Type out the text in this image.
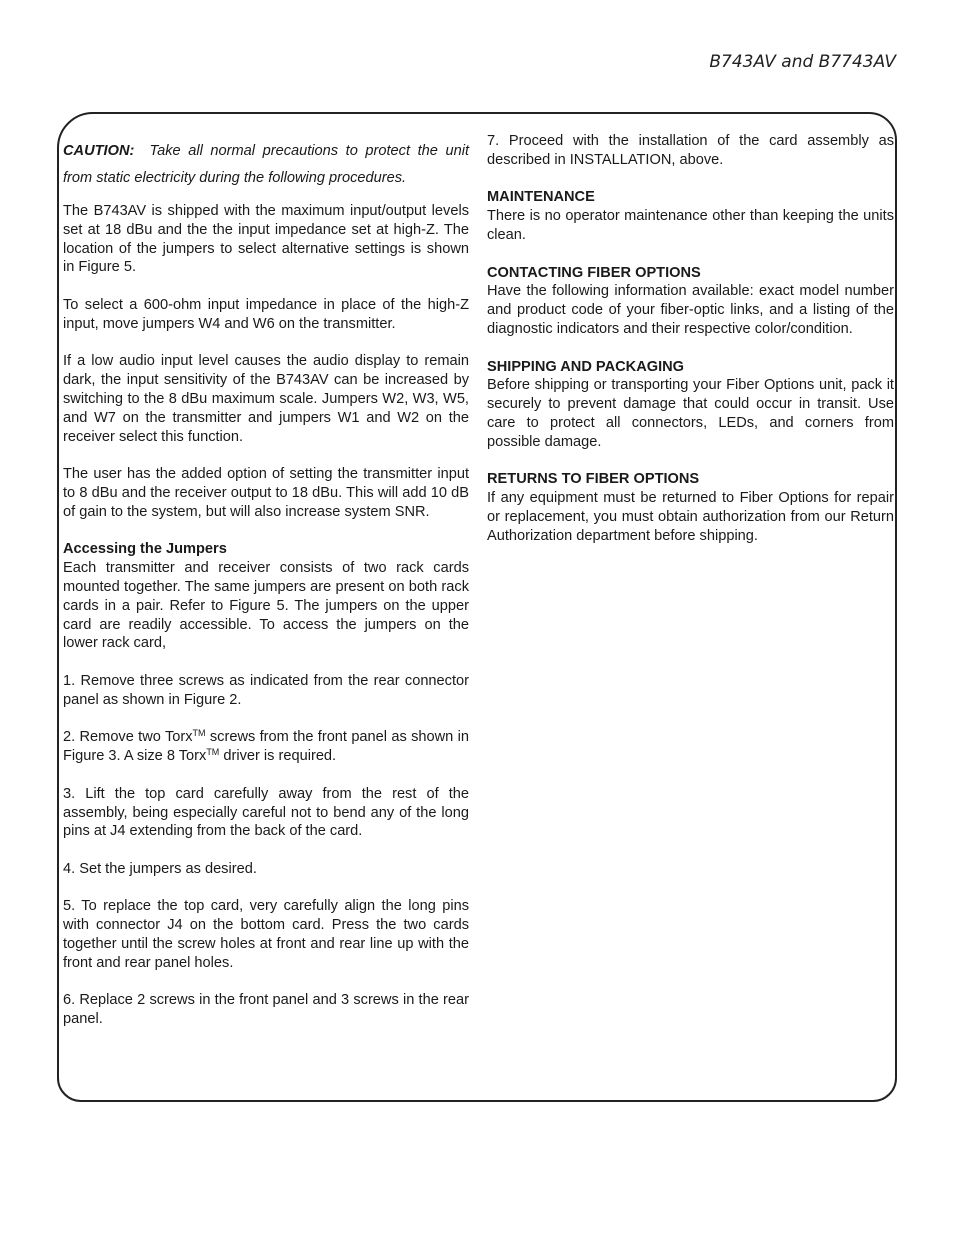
B743AV and B7743AV

CAUTION: Take all normal precautions to protect the unit from static electricity during the following procedures.

The B743AV is shipped with the maximum input/output levels set at 18 dBu and the the input impedance set at high-Z. The location of the jumpers to select alternative settings is shown in Figure 5.

To select a 600-ohm input impedance in place of the high-Z input, move jumpers W4 and W6 on the transmitter.

If a low audio input level causes the audio display to remain dark, the input sensitivity of the B743AV can be increased by switching to the 8 dBu maximum scale. Jumpers W2, W3, W5, and W7 on the transmitter and jumpers W1 and W2 on the receiver select this function.

The user has the added option of setting the transmitter input to 8 dBu and the receiver output to 18 dBu. This will add 10 dB of gain to the system, but will also increase system SNR.

Accessing the Jumpers

Each transmitter and receiver consists of two rack cards mounted together. The same jumpers are present on both rack cards in a pair. Refer to Figure 5. The jumpers on the upper card are readily accessible. To access the jumpers on the lower rack card,

1. Remove three screws as indicated from the rear connector panel as shown in Figure 2.

2. Remove two Torx™ screws from the front panel as shown in Figure 3. A size 8 Torx™ driver is required.

3. Lift the top card carefully away from the rest of the assembly, being especially careful not to bend any of the long pins at J4 extending from the back of the card.

4. Set the jumpers as desired.

5. To replace the top card, very carefully align the long pins with connector J4 on the bottom card. Press the two cards together until the screw holes at front and rear line up with the front and rear panel holes.

6. Replace 2 screws in the front panel and 3 screws in the rear panel.

7. Proceed with the installation of the card assembly as described in INSTALLATION, above.

MAINTENANCE

There is no operator maintenance other than keeping the units clean.

CONTACTING FIBER OPTIONS

Have the following information available: exact model number and product code of your fiber-optic links, and a listing of the diagnostic indicators and their respective color/condition.

SHIPPING AND PACKAGING

Before shipping or transporting your Fiber Options unit, pack it securely to prevent damage that could occur in transit. Use care to protect all connectors, LEDs, and corners from possible damage.

RETURNS TO FIBER OPTIONS

If any equipment must be returned to Fiber Options for repair or replacement, you must obtain authorization from our Return Authorization department before shipping.
